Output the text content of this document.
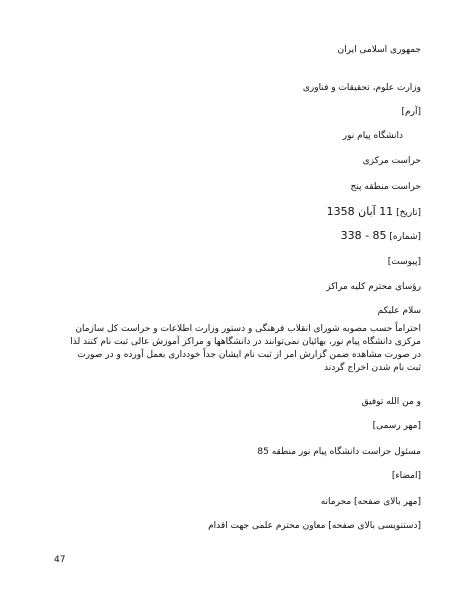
جمهوری اسلامی ایران
وزارت علوم، تحقیقات و فناوری
[آرم]
دانشگاه پیام نور
حراست مرکزی
حراست منطقه پنج
[تاریخ] 11 آبان 1358
[شماره] 85 - 338
[پیوست]
رؤسای محترم کلیه مراکز
سلام علیکم
احتراماً حسب مصوبه شورای انقلاب فرهنگی و دستور وزارت اطلاعات و حراست کل سازمان مرکزی دانشگاه پیام نور، بهائیان نمی‌توانند در دانشگاهها و مراکز آموزش عالی ثبت نام کنند لذا در صورت مشاهده ضمن گزارش امر از ثبت نام ایشان جداً خودداری بعمل آورده و در صورت ثبت نام شدن اخراج گردند
و من الله توفیق
[مهر رسمی]
مسئول حراست دانشگاه پیام نور منطقه 85
[امضاء]
[مهر بالای صفحه] محرمانه
[دستنویسی بالای صفحه] معاون محترم علمی جهت اقدام
47
